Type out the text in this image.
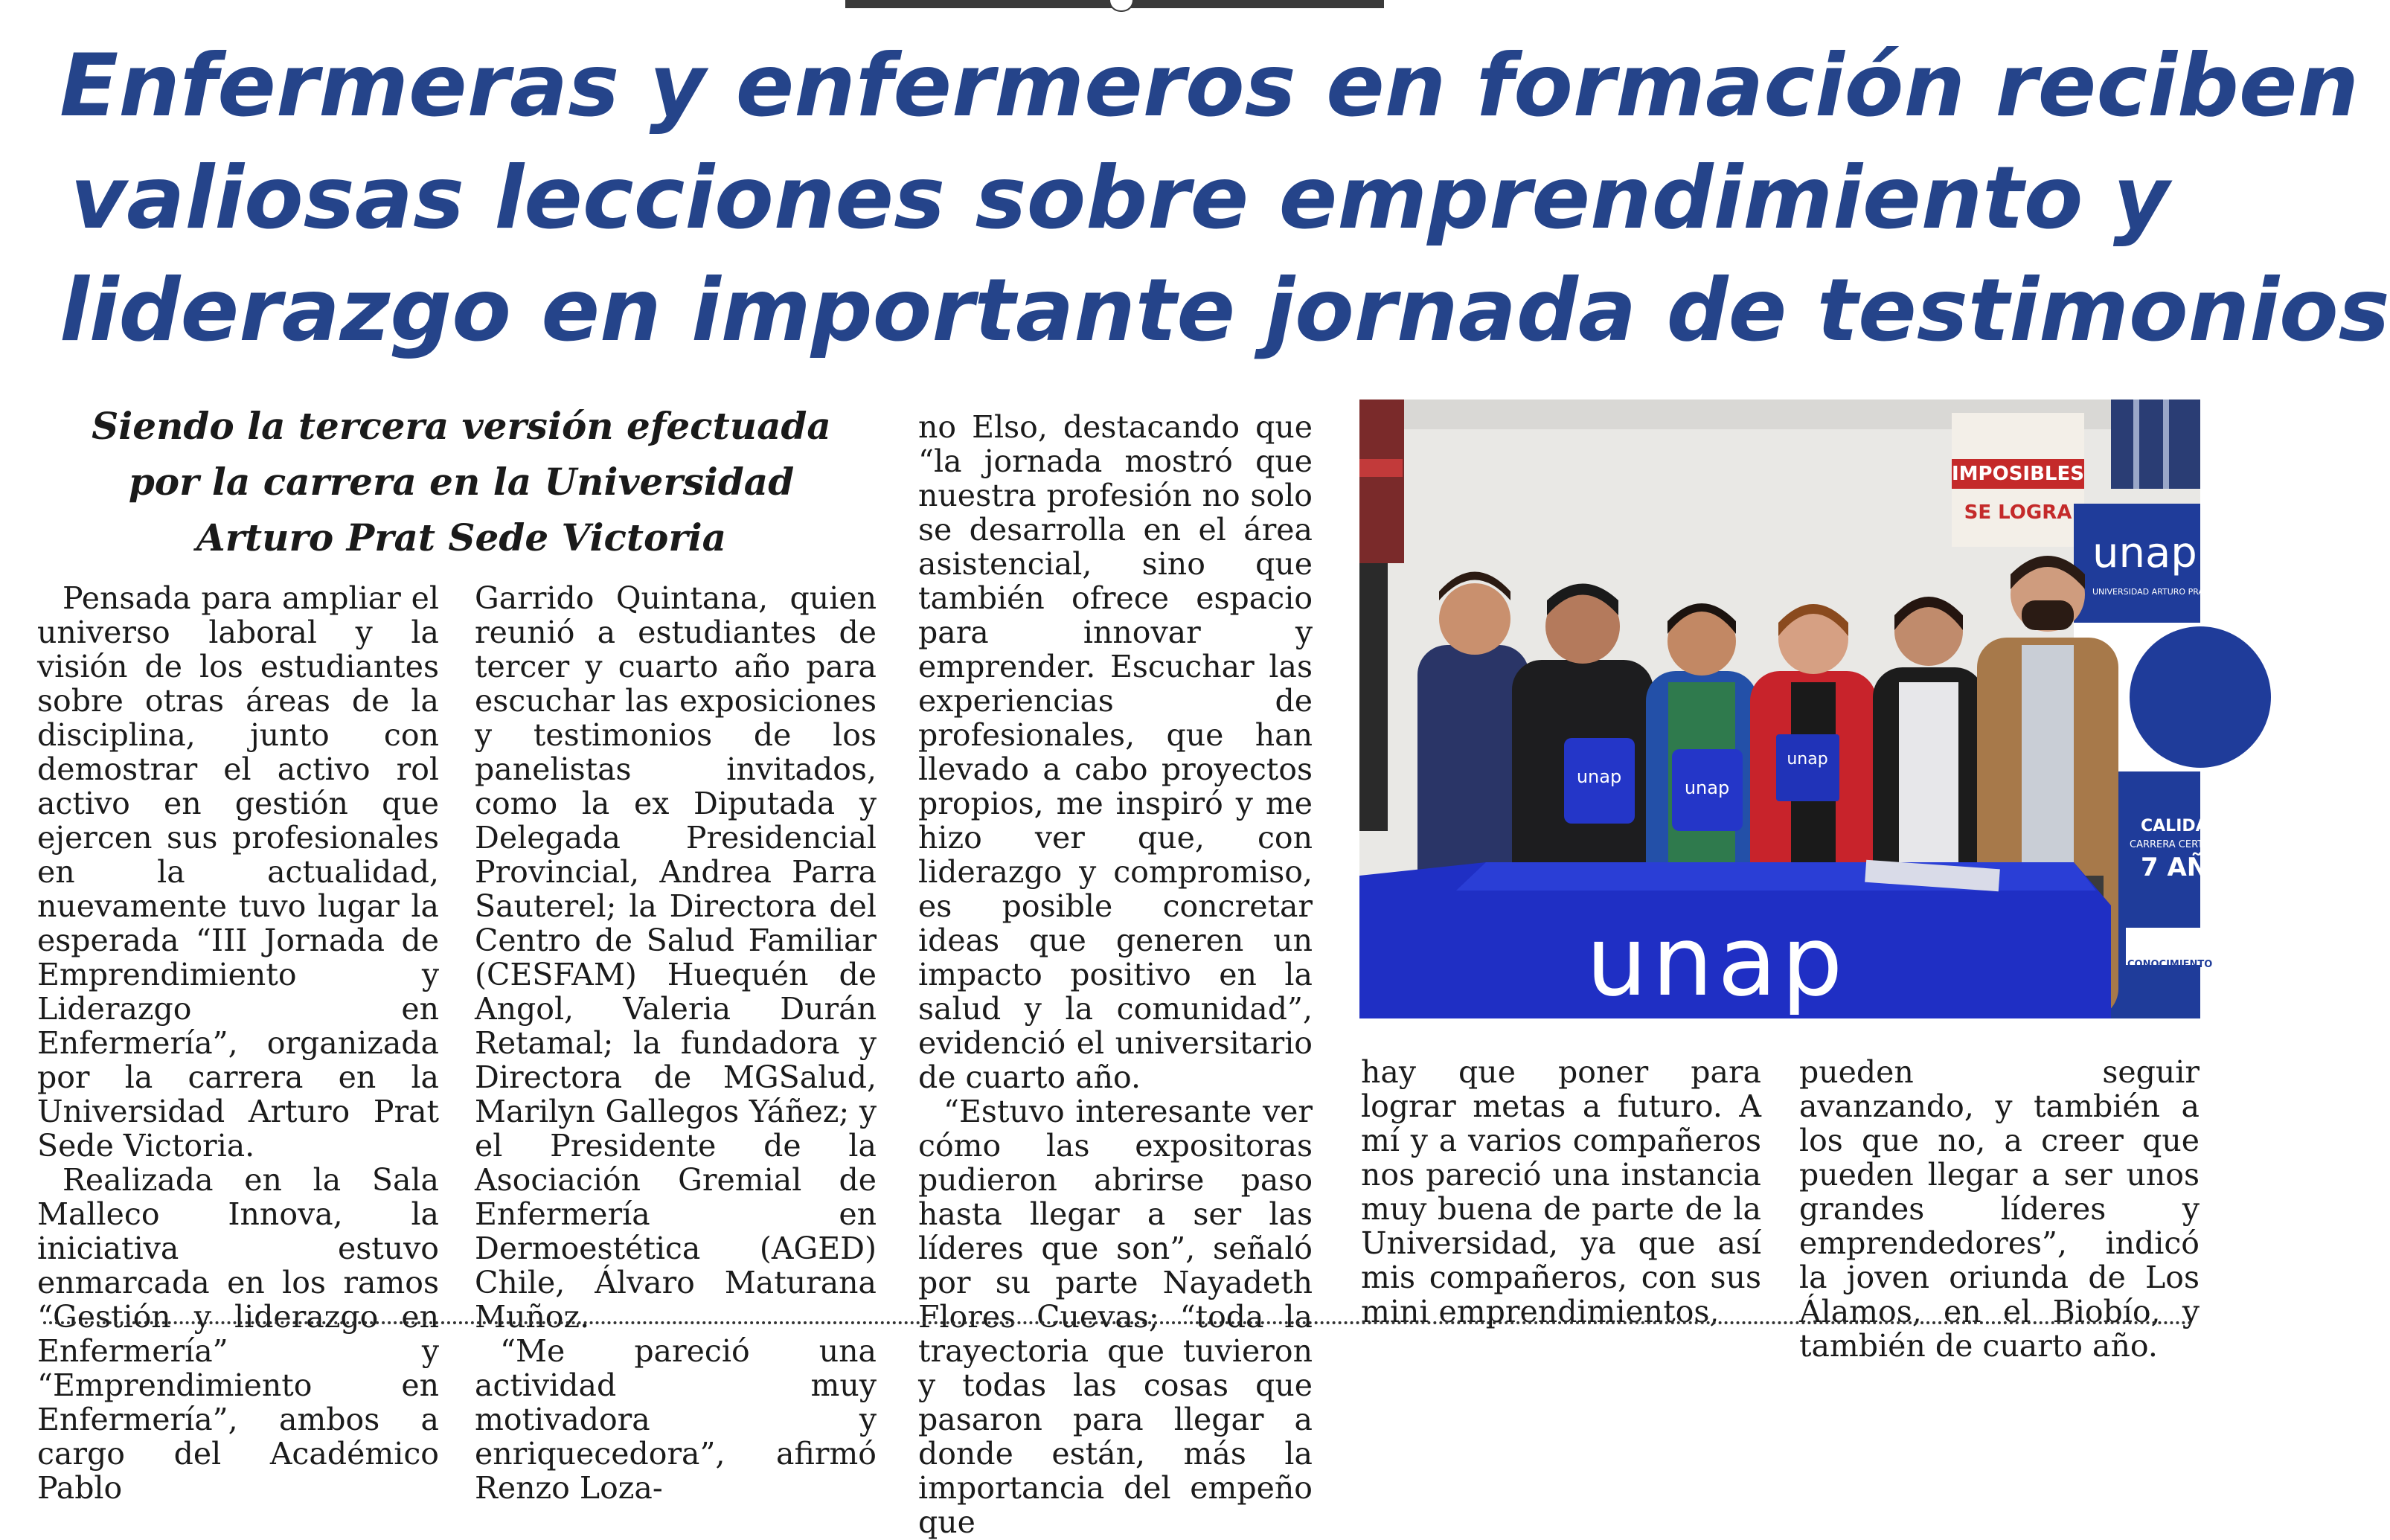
Enfermeras y enfermeros en formación reciben
valiosas lecciones sobre emprendimiento y
liderazgo en importante jornada de testimonios
Siendo la tercera versión efectuada
por la carrera en la Universidad
Arturo Prat Sede Victoria

Pensada para ampliar el universo laboral y la visión de los estudiantes sobre otras áreas de la disciplina, junto con demostrar el activo rol activo en gestión que ejercen sus profesionales en la actualidad, nuevamente tuvo lugar la esperada “III Jornada de Emprendimiento y Liderazgo en Enfermería”, organizada por la carrera en la Universidad Arturo Prat Sede Victoria.

Realizada en la Sala Malleco Innova, la iniciativa estuvo enmarcada en los ramos “Gestión y liderazgo en Enfermería” y “Emprendimiento en Enfermería”, ambos a cargo del Académico Pablo

Garrido Quintana, quien reunió a estudiantes de tercer y cuarto año para escuchar las exposiciones y testimonios de los panelistas invitados, como la ex Diputada y Delegada Presidencial Provincial, Andrea Parra Sauterel; la Directora del Centro de Salud Familiar (CESFAM) Huequén de Angol, Valeria Durán Retamal; la fundadora y Directora de MGSalud, Marilyn Gallegos Yáñez; y el Presidente de la Asociación Gremial de Enfermería en Dermoestética (AGED) Chile, Álvaro Maturana Muñoz.

“Me pareció una actividad muy motivadora y enriquecedora”, afirmó Renzo Loza-

no Elso, destacando que “la jornada mostró que nuestra profesión no solo se desarrolla en el área asistencial, sino que también ofrece espacio para innovar y emprender. Escuchar las experiencias de profesionales, que han llevado a cabo proyectos propios, me inspiró y me hizo ver que, con liderazgo y compromiso, es posible concretar ideas que generen un impacto positivo en la salud y la comunidad”, evidenció el universitario de cuarto año.

“Estuvo interesante ver cómo las expositoras pudieron abrirse paso hasta llegar a ser las líderes que son”, señaló por su parte Nayadeth Flores Cuevas; “toda la trayectoria que tuvieron y todas las cosas que pasaron para llegar a donde están, más la importancia del empeño que

hay que poner para lograr metas a futuro. A mí y a varios compañeros nos pareció una instancia muy buena de parte de la Universidad, ya que así mis compañeros, con sus mini emprendimientos,

pueden seguir avanzando, y también a los que no, a creer que pueden llegar a ser unos grandes líderes y emprendedores”, indicó la joven oriunda de Los Álamos, en el Biobío, y también de cuarto año.

IMPOSIBLES
SE LOGRA
unap
UNIVERSIDAD ARTURO PRAT DEL ESTADO
CALIDAD
CARRERA CERT.
7 AÑOS
CONOCIMIENTO
unap
unap
unap
unap
